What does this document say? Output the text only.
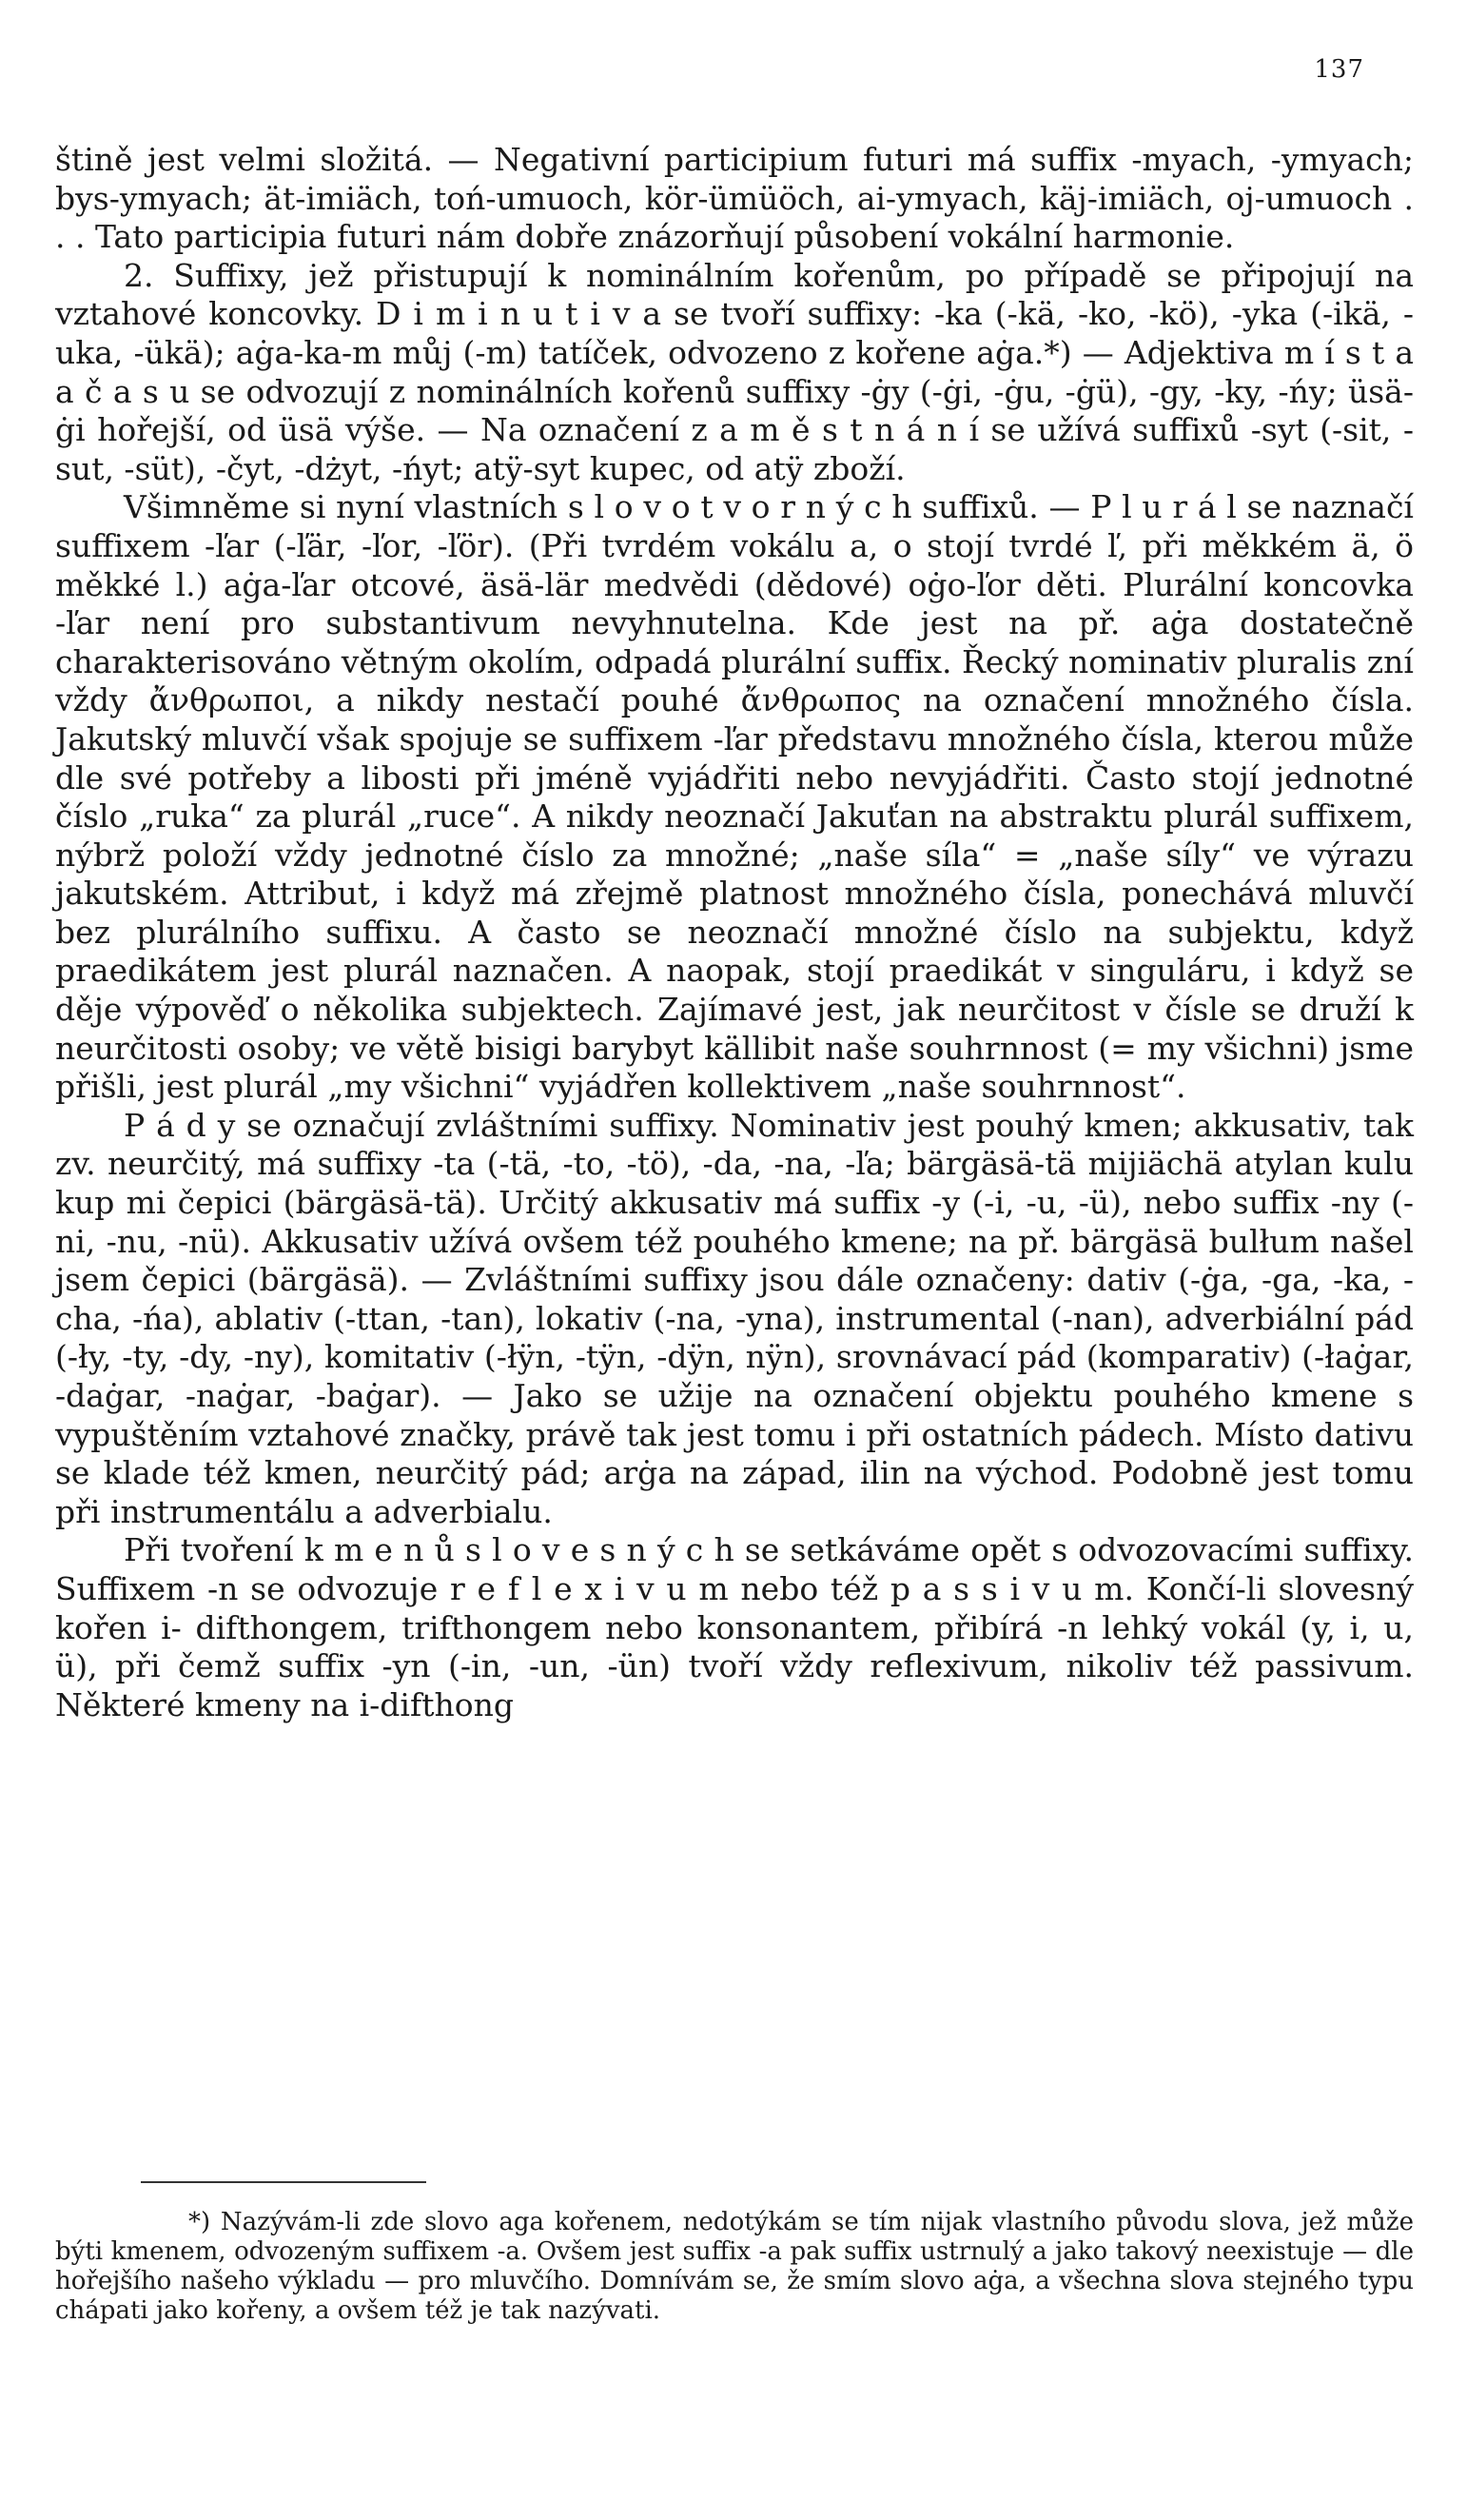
137

štině jest velmi složitá. — Negativní participium futuri má suffix -myach, -ymyach; bys-ymyach; ät-imiäch, toń-umuoch, kör-ümüöch, ai-ymyach, käj-imiäch, oj-umuoch . . . Tato participia futuri nám dobře znázorňují působení vokální harmonie.

2. Suffixy, jež přistupují k nominálním kořenům, po případě se připojují na vztahové koncovky. D i m i n u t i v a se tvoří suffixy: -ka (-kä, -ko, -kö), -yka (-ikä, -uka, -ükä); aġa-ka-m můj (-m) tatíček, odvozeno z kořene aġa.*) — Adjektiva m í s t a a č a s u se odvozují z nominálních kořenů suffixy -ġy (-ġi, -ġu, -ġü), -gy, -ky, -ńy; üsä-ġi hořejší, od üsä výše. — Na označení z a m ě s t n á n í se užívá suffixů -syt (-sit, -sut, -süt), -čyt, -dżyt, -ńyt; atÿ-syt kupec, od atÿ zboží.

Všimněme si nyní vlastních s l o v o t v o r n ý c h suffixů. — P l u r á l se naznačí suffixem -ľar (-ľär, -ľor, -ľör). (Při tvrdém vokálu a, o stojí tvrdé ľ, při měkkém ä, ö měkké l.) aġa-ľar otcové, äsä-lär medvědi (dědové) oġo-ľor děti. Plurální koncovka -ľar není pro substantivum nevyhnutelna. Kde jest na př. aġa dostatečně charakterisováno větným okolím, odpadá plurální suffix. Řecký nominativ pluralis zní vždy ἄνθρωποι, a nikdy nestačí pouhé ἄνθρωπος na označení množného čísla. Jakutský mluvčí však spojuje se suffixem -ľar představu množného čísla, kterou může dle své potřeby a libosti při jméně vyjádřiti nebo nevyjádřiti. Často stojí jednotné číslo „ruka“ za plurál „ruce“. A nikdy neoznačí Jakuťan na abstraktu plurál suffixem, nýbrž položí vždy jednotné číslo za množné; „naše síla“ = „naše síly“ ve výrazu jakutském. Attribut, i když má zřejmě platnost množného čísla, ponechává mluvčí bez plurálního suffixu. A často se neoznačí množné číslo na subjektu, když praedikátem jest plurál naznačen. A naopak, stojí praedikát v singuláru, i když se děje výpověď o několika subjektech. Zajímavé jest, jak neurčitost v čísle se druží k neurčitosti osoby; ve větě bisigi barybyt källibit naše souhrnnost (= my všichni) jsme přišli, jest plurál „my všichni“ vyjádřen kollektivem „naše souhrnnost“.

P á d y se označují zvláštními suffixy. Nominativ jest pouhý kmen; akkusativ, tak zv. neurčitý, má suffixy -ta (-tä, -to, -tö), -da, -na, -ľa; bärgäsä-tä mijiächä atylan kulu kup mi čepici (bärgäsä-tä). Určitý akkusativ má suffix -y (-i, -u, -ü), nebo suffix -ny (-ni, -nu, -nü). Akkusativ užívá ovšem též pouhého kmene; na př. bärgäsä bulłum našel jsem čepici (bärgäsä). — Zvláštními suffixy jsou dále označeny: dativ (-ġa, -ga, -ka, -cha, -ńa), ablativ (-ttan, -tan), lokativ (-na, -yna), instrumental (-nan), adverbiální pád (-ły, -ty, -dy, -ny), komitativ (-łÿn, -tÿn, -dÿn, nÿn), srovnávací pád (komparativ) (-łaġar, -daġar, -naġar, -baġar). — Jako se užije na označení objektu pouhého kmene s vypuštěním vztahové značky, právě tak jest tomu i při ostatních pádech. Místo dativu se klade též kmen, neurčitý pád; arġa na západ, ilin na východ. Podobně jest tomu při instrumentálu a adverbialu.

Při tvoření k m e n ů s l o v e s n ý c h se setkáváme opět s odvozovacími suffixy. Suffixem -n se odvozuje r e f l e x i v u m nebo též p a s s i v u m. Končí-li slovesný kořen i- difthongem, trifthongem nebo konsonantem, přibírá -n lehký vokál (y, i, u, ü), při čemž suffix -yn (-in, -un, -ün) tvoří vždy reflexivum, nikoliv též passivum. Některé kmeny na i-difthong

*) Nazývám-li zde slovo aga kořenem, nedotýkám se tím nijak vlastního původu slova, jež může býti kmenem, odvozeným suffixem -a. Ovšem jest suffix -a pak suffix ustrnulý a jako takový neexistuje — dle hořejšího našeho výkladu — pro mluvčího. Domnívám se, že smím slovo aġa, a všechna slova stejného typu chápati jako kořeny, a ovšem též je tak nazývati.
